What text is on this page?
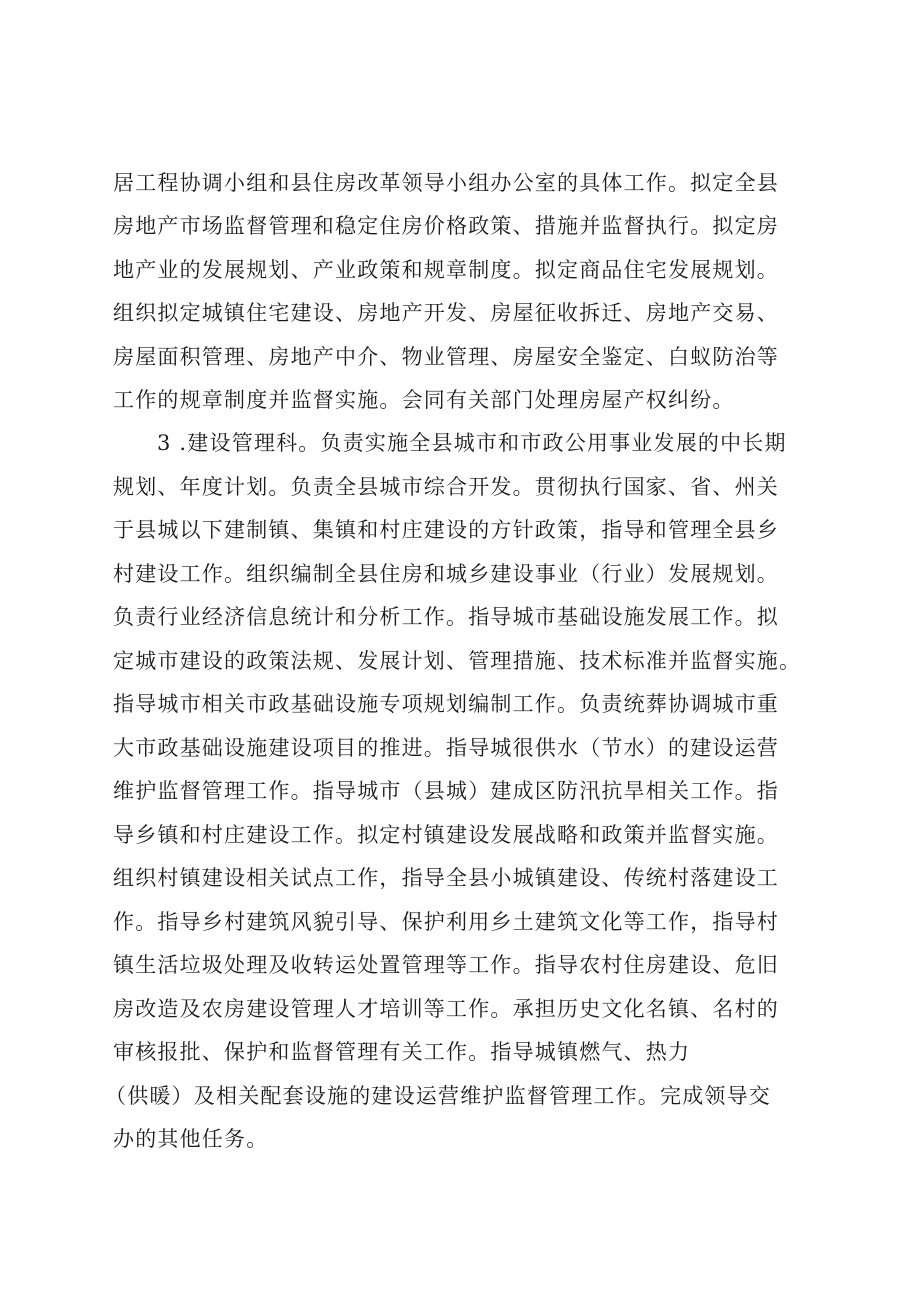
居工程协调小组和县住房改革领导小组办公室的具体工作。拟定全县
房地产市场监督管理和稳定住房价格政策、措施并监督执行。拟定房
地产业的发展规划、产业政策和规章制度。拟定商品住宅发展规划。
组织拟定城镇住宅建设、房地产开发、房屋征收拆迁、房地产交易、
房屋面积管理、房地产中介、物业管理、房屋安全鉴定、白蚁防治等
工作的规章制度并监督实施。会同有关部门处理房屋产权纠纷。
3 .建设管理科。负责实施全县城市和市政公用事业发展的中长期
规划、年度计划。负责全县城市综合开发。贯彻执行国家、省、州关
于县城以下建制镇、集镇和村庄建设的方针政策，指导和管理全县乡
村建设工作。组织编制全县住房和城乡建设事业（行业）发展规划。
负责行业经济信息统计和分析工作。指导城市基础设施发展工作。拟
定城市建设的政策法规、发展计划、管理措施、技术标准并监督实施。
指导城市相关市政基础设施专项规划编制工作。负责统葬协调城市重
大市政基础设施建设项目的推进。指导城很供水（节水）的建设运营
维护监督管理工作。指导城市（县城）建成区防汛抗旱相关工作。指
导乡镇和村庄建设工作。拟定村镇建设发展战略和政策并监督实施。
组织村镇建设相关试点工作，指导全县小城镇建设、传统村落建设工
作。指导乡村建筑风貌引导、保护利用乡土建筑文化等工作，指导村
镇生活垃圾处理及收转运处置管理等工作。指导农村住房建设、危旧
房改造及农房建设管理人才培训等工作。承担历史文化名镇、名村的
审核报批、保护和监督管理有关工作。指导城镇燃气、热力
（供暖）及相关配套设施的建设运营维护监督管理工作。完成领导交
办的其他任务。
